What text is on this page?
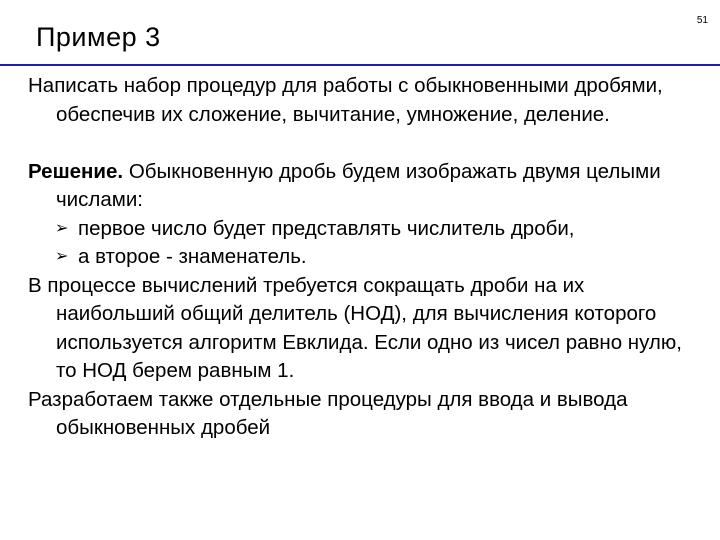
Пример 3
51

Написать набор процедур для работы с обыкновенными дробями, обеспечив их сложение, вычитание, умножение, деление.

Решение. Обыкновенную дробь будем изображать двумя целыми числами:

➢ первое число будет представлять числитель дроби,

➢ а второе - знаменатель.

В процессе вычислений требуется сокращать дроби на их наибольший общий делитель (НОД), для вычисления которого используется алгоритм Евклида. Если одно из чисел равно нулю, то НОД берем равным 1.

Разработаем также отдельные процедуры для ввода и вывода обыкновенных дробей
